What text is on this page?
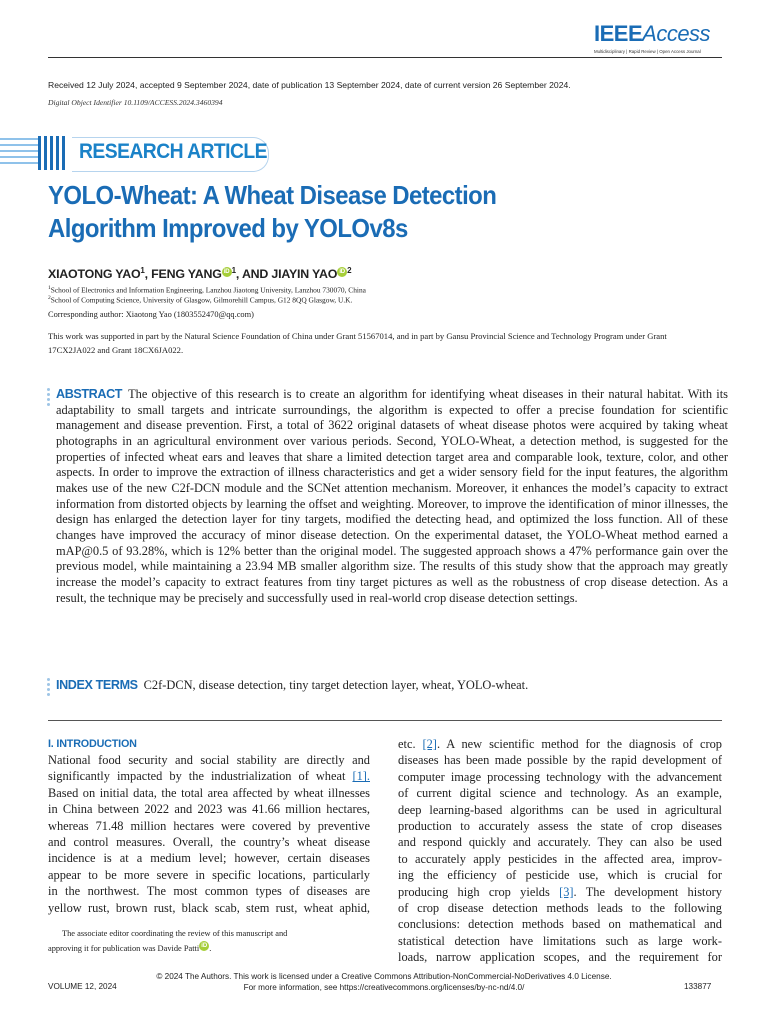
IEEEAccess
Multidisciplinary | Rapid Review | Open Access Journal
Received 12 July 2024, accepted 9 September 2024, date of publication 13 September 2024, date of current version 26 September 2024.
Digital Object Identifier 10.1109/ACCESS.2024.3460394
RESEARCH ARTICLE
YOLO-Wheat: A Wheat Disease Detection
Algorithm Improved by YOLOv8s
XIAOTONG YAO$^1$, FENG YANG iD $^1$, AND JIAYIN YAO iD $^2$
$^1$School of Electronics and Information Engineering, Lanzhou Jiaotong University, Lanzhou 730070, China
$^2$School of Computing Science, University of Glasgow, Gilmorehill Campus, G12 8QQ Glasgow, U.K.
Corresponding author: Xiaotong Yao (1803552470@qq.com)
This work was supported in part by the Natural Science Foundation of China under Grant 51567014, and in part by Gansu Provincial Science and Technology Program under Grant 17CX2JA022 and Grant 18CX6JA022.
ABSTRACT The objective of this research is to create an algorithm for identifying wheat diseases in their natural habitat. With its adaptability to small targets and intricate surroundings, the algorithm is expected to offer a precise foundation for scientific management and disease prevention. First, a total of 3622 original datasets of wheat disease photos were acquired by taking wheat photographs in an agricultural environment over various periods. Second, YOLO-Wheat, a detection method, is suggested for the properties of infected wheat ears and leaves that share a limited detection target area and comparable look, texture, color, and other aspects. In order to improve the extraction of illness characteristics and get a wider sensory field for the input features, the algorithm makes use of the new C2f-DCN module and the SCNet attention mechanism. Moreover, it enhances the model’s capacity to extract information from distorted objects by learning the offset and weighting. Moreover, to improve the identification of minor illnesses, the design has enlarged the detection layer for tiny targets, modified the detecting head, and optimized the loss function. All of these changes have improved the accuracy of minor disease detection. On the experimental dataset, the YOLO-Wheat method earned a mAP@0.5 of 93.28%, which is 12% better than the original model. The suggested approach shows a 47% performance gain over the previous model, while maintaining a 23.94 MB smaller algorithm size. The results of this study show that the approach may greatly increase the model’s capacity to extract features from tiny target pictures as well as the robustness of crop disease detection. As a result, the technique may be precisely and successfully used in real-world crop disease detection settings.
INDEX TERMS C2f-DCN, disease detection, tiny target detection layer, wheat, YOLO-wheat.
I. INTRODUCTION
National food security and social stability are directly and
significantly impacted by the industrialization of wheat [1].
Based on initial data, the total area affected by wheat illnesses
in China between 2022 and 2023 was 41.66 million hectares,
whereas 71.48 million hectares were covered by preventive
and control measures. Overall, the country’s wheat disease
incidence is at a medium level; however, certain diseases
appear to be more severe in specific locations, particularly
in the northwest. The most common types of diseases are
yellow rust, brown rust, black scab, stem rust, wheat aphid,
etc. [2]. A new scientific method for the diagnosis of crop
diseases has been made possible by the rapid development of
computer image processing technology with the advancement
of current digital science and technology. As an example,
deep learning-based algorithms can be used in agricultural
production to accurately assess the state of crop diseases
and respond quickly and accurately. They can also be used
to accurately apply pesticides in the affected area, improv-
ing the efficiency of pesticide use, which is crucial for
producing high crop yields [3]. The development history
of crop disease detection methods leads to the following
conclusions: detection methods based on mathematical and
statistical detection have limitations such as large work-
loads, narrow application scopes, and the requirement for
The associate editor coordinating the review of this manuscript and
approving it for publication was Davide Patti iD .
© 2024 The Authors. This work is licensed under a Creative Commons Attribution-NonCommercial-NoDerivatives 4.0 License.
For more information, see https://creativecommons.org/licenses/by-nc-nd/4.0/
VOLUME 12, 2024	133877
